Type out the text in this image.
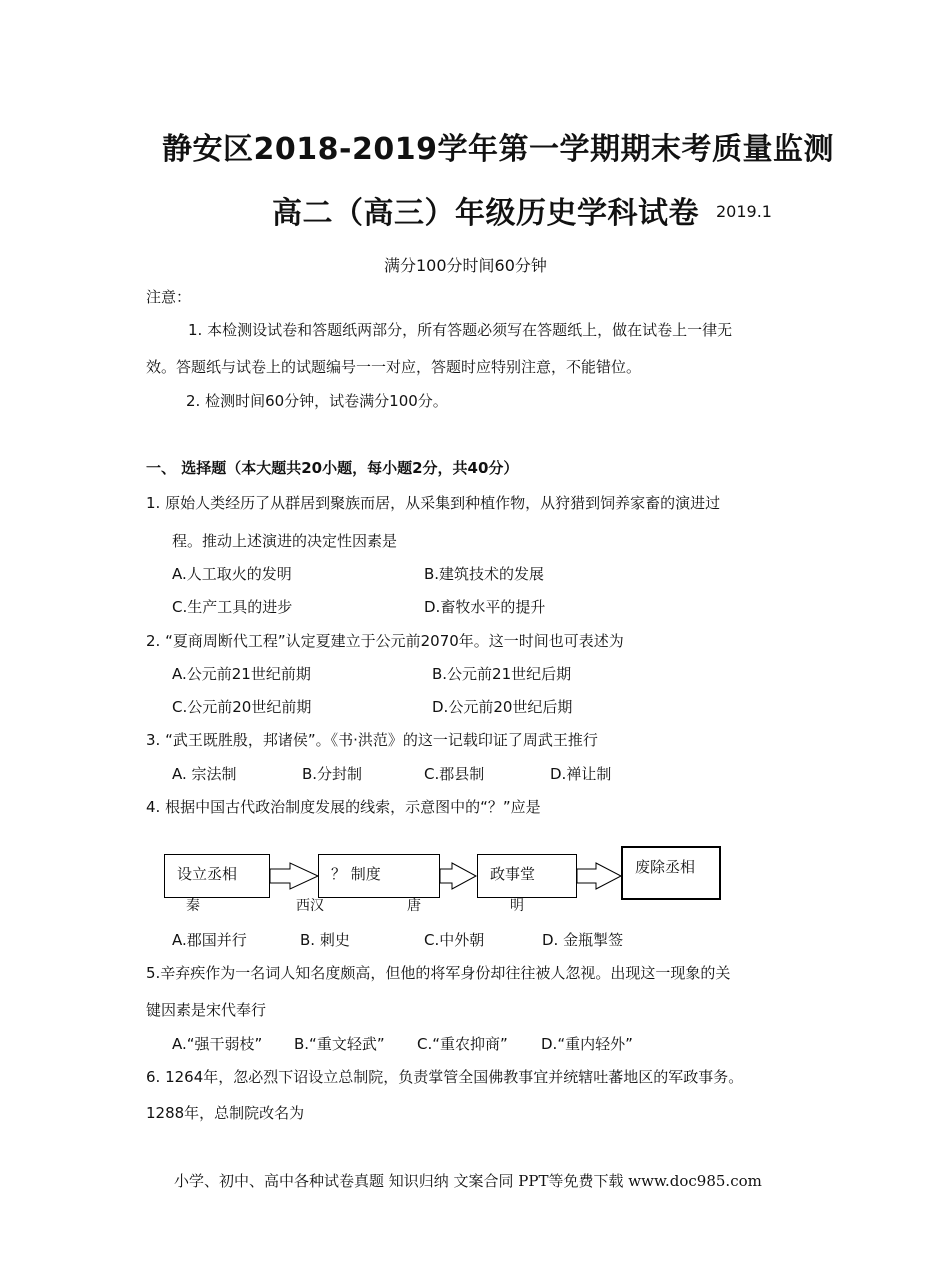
静安区2018-2019学年第一学期期末考质量监测
高二（高三）年级历史学科试卷 2019.1
满分100分时间60分钟
注意：
1. 本检测设试卷和答题纸两部分，所有答题必须写在答题纸上，做在试卷上一律无
效。答题纸与试卷上的试题编号一一对应，答题时应特别注意，不能错位。
2. 检测时间60分钟，试卷满分100分。
一、 选择题（本大题共20小题，每小题2分，共40分）
1. 原始人类经历了从群居到聚族而居，从采集到种植作物，从狩猎到饲养家畜的演进过
程。推动上述演进的决定性因素是
A.人工取火的发明	B.建筑技术的发展
C.生产工具的进步	D.畜牧水平的提升
2. “夏商周断代工程”认定夏建立于公元前2070年。这一时间也可表述为
A.公元前21世纪前期	B.公元前21世纪后期
C.公元前20世纪前期	D.公元前20世纪后期
3. “武王既胜殷，邦诸侯”。《书·洪范》的这一记载印证了周武王推行
A. 宗法制	B.分封制	C.郡县制	D.禅让制
4. 根据中国古代政治制度发展的线索，示意图中的“？”应是
设立丞相	？ 制度	政事堂	废除丞相
秦	西汉	唐	明
A.郡国并行	B. 刺史	C.中外朝	D. 金瓶掣签
5.辛弃疾作为一名词人知名度颇高，但他的将军身份却往往被人忽视。出现这一现象的关
键因素是宋代奉行
A.“强干弱枝” B.“重文轻武” C.“重农抑商” D.“重内轻外”
6. 1264年，忽必烈下诏设立总制院，负责掌管全国佛教事宜并统辖吐蕃地区的军政事务。
1288年，总制院改名为
小学、初中、高中各种试卷真题 知识归纳 文案合同 PPT等免费下载 www.doc985.com
